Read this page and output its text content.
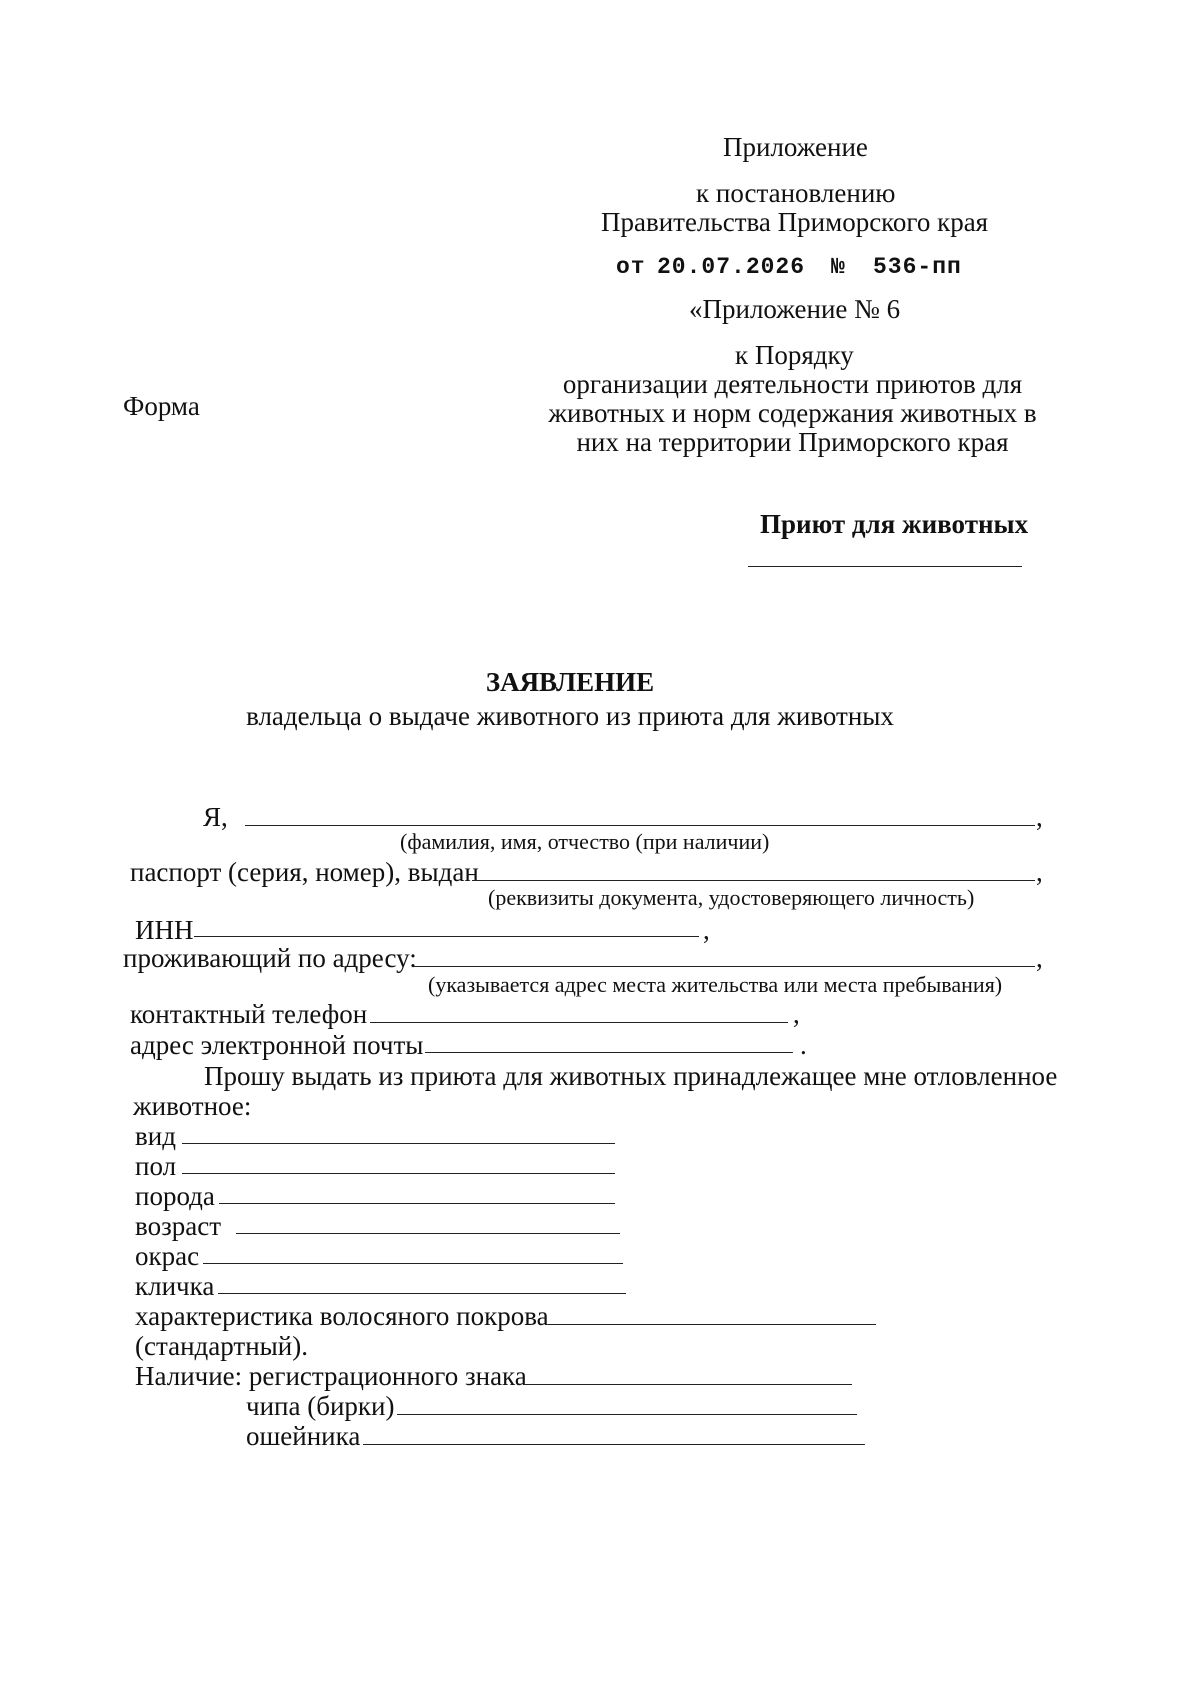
Приложение
к постановлению
Правительства Приморского края
от 20.07.2026 № 536-пп
«Приложение № 6
к Порядку
организации деятельности приютов для
животных и норм содержания животных в
них на территории Приморского края
Форма
Приют для животных
ЗАЯВЛЕНИЕ
владельца о выдаче животного из приюта для животных
Я,	,
(фамилия, имя, отчество (при наличии)
паспорт (серия, номер), выдан	,
(реквизиты документа, удостоверяющего личность)
ИНН	,
проживающий по адресу:	,
(указывается адрес места жительства или места пребывания)
контактный телефон	,
адрес электронной почты	.
Прошу выдать из приюта для животных принадлежащее мне отловленное
животное:
вид
пол
порода
возраст
окрас
кличка
характеристика волосяного покрова
(стандартный).
Наличие: регистрационного знака
чипа (бирки)
ошейника
